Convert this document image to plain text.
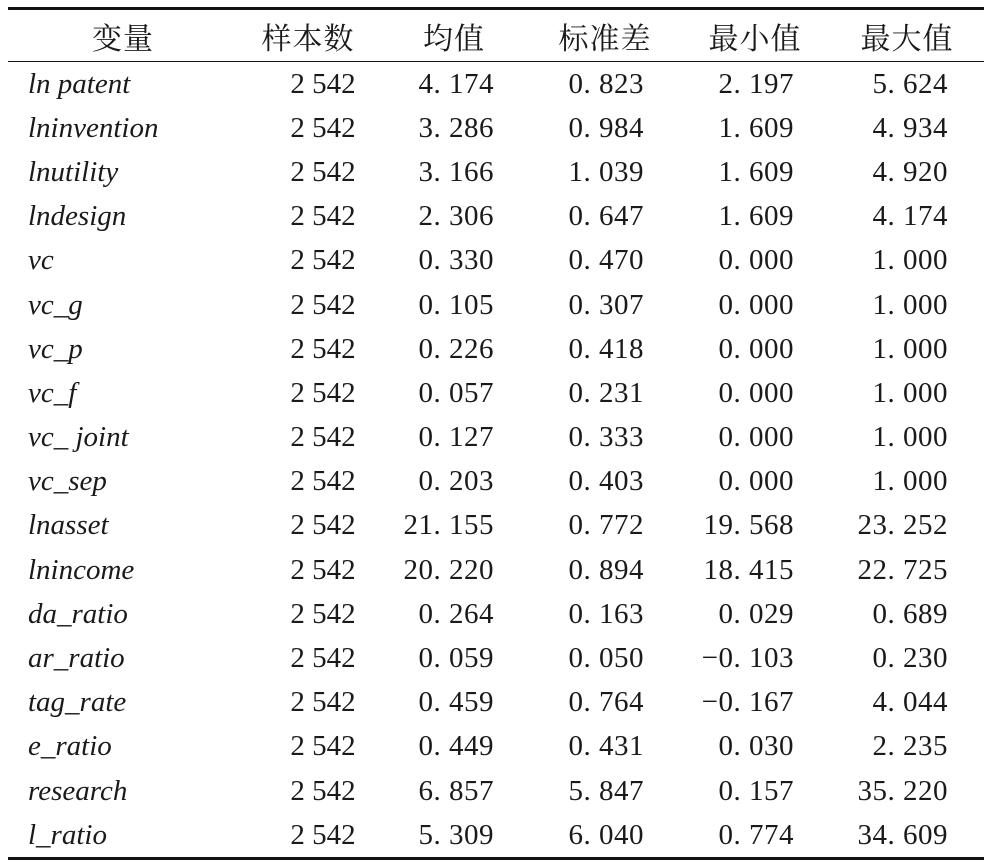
变量	样本数	均值	标准差	最小值	最大值
ln patent	2 542	4. 174	0. 823	2. 197	5. 624
lninvention	2 542	3. 286	0. 984	1. 609	4. 934
lnutility	2 542	3. 166	1. 039	1. 609	4. 920
lndesign	2 542	2. 306	0. 647	1. 609	4. 174
vc	2 542	0. 330	0. 470	0. 000	1. 000
vc_g	2 542	0. 105	0. 307	0. 000	1. 000
vc_p	2 542	0. 226	0. 418	0. 000	1. 000
vc_f	2 542	0. 057	0. 231	0. 000	1. 000
vc_ joint	2 542	0. 127	0. 333	0. 000	1. 000
vc_sep	2 542	0. 203	0. 403	0. 000	1. 000
lnasset	2 542	21. 155	0. 772	19. 568	23. 252
lnincome	2 542	20. 220	0. 894	18. 415	22. 725
da_ratio	2 542	0. 264	0. 163	0. 029	0. 689
ar_ratio	2 542	0. 059	0. 050	−0. 103	0. 230
tag_rate	2 542	0. 459	0. 764	−0. 167	4. 044
e_ratio	2 542	0. 449	0. 431	0. 030	2. 235
research	2 542	6. 857	5. 847	0. 157	35. 220
l_ratio	2 542	5. 309	6. 040	0. 774	34. 609
